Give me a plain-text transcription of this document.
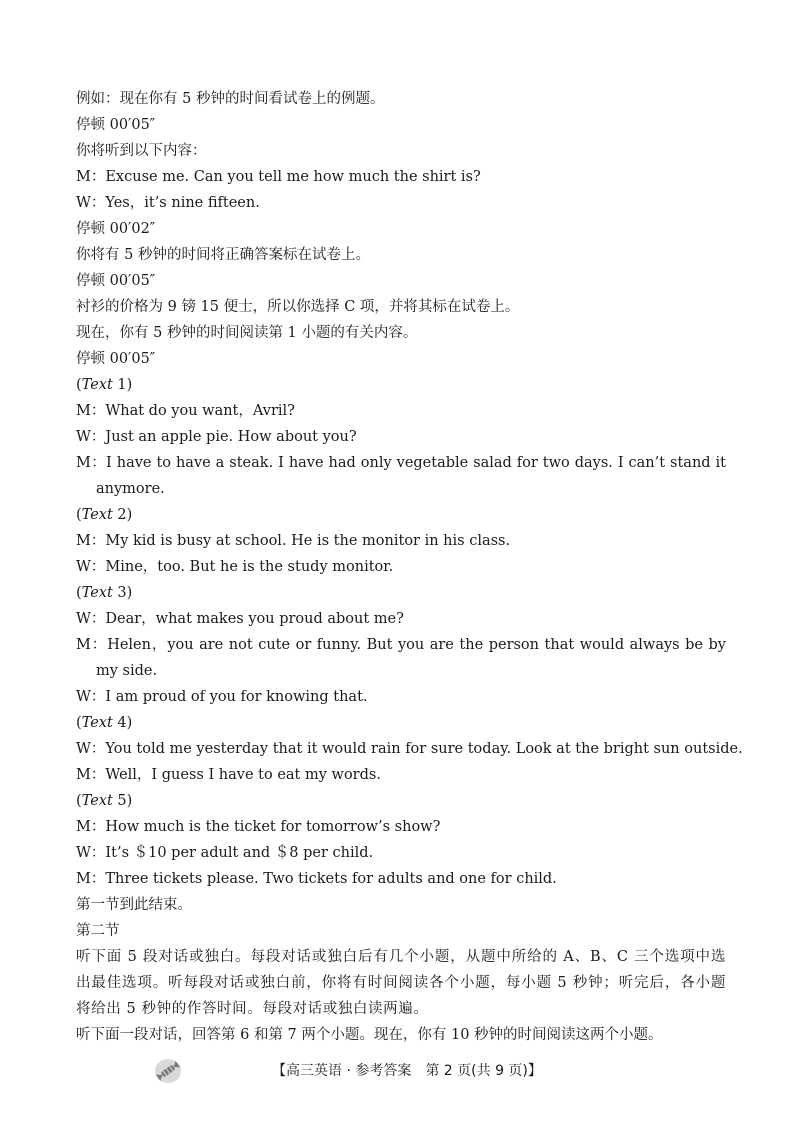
例如：现在你有 5 秒钟的时间看试卷上的例题。
停顿 00′05″
你将听到以下内容：
M：Excuse me. Can you tell me how much the shirt is?
W：Yes，it’s nine fifteen.
停顿 00′02″
你将有 5 秒钟的时间将正确答案标在试卷上。
停顿 00′05″
衬衫的价格为 9 镑 15 便士，所以你选择 C 项，并将其标在试卷上。
现在，你有 5 秒钟的时间阅读第 1 小题的有关内容。
停顿 00′05″
(Text 1)
M：What do you want，Avril?
W：Just an apple pie. How about you?
M：I have to have a steak. I have had only vegetable salad for two days. I can’t stand it anymore.
(Text 2)
M：My kid is busy at school. He is the monitor in his class.
W：Mine，too. But he is the study monitor.
(Text 3)
W：Dear，what makes you proud about me?
M：Helen，you are not cute or funny. But you are the person that would always be by my side.
W：I am proud of you for knowing that.
(Text 4)
W：You told me yesterday that it would rain for sure today. Look at the bright sun outside.
M：Well，I guess I have to eat my words.
(Text 5)
M：How much is the ticket for tomorrow’s show?
W：It’s ＄10 per adult and ＄8 per child.
M：Three tickets please. Two tickets for adults and one for child.
第一节到此结束。
第二节
听下面 5 段对话或独白。每段对话或独白后有几个小题，从题中所给的 A、B、C 三个选项中选出最佳选项。听每段对话或独白前，你将有时间阅读各个小题，每小题 5 秒钟；听完后，各小题将给出 5 秒钟的作答时间。每段对话或独白读两遍。
听下面一段对话，回答第 6 和第 7 两个小题。现在，你有 10 秒钟的时间阅读这两个小题。
【高三英语 · 参考答案　第 2 页(共 9 页)】
